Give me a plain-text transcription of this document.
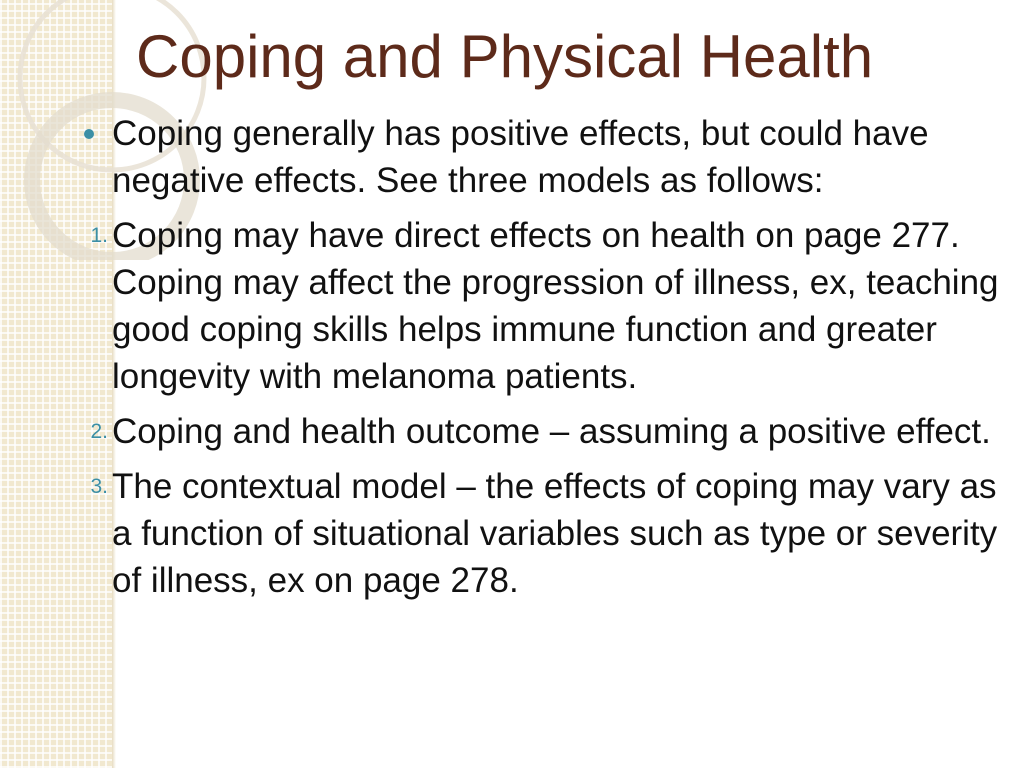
Coping and Physical Health
Coping generally has positive effects, but could have negative effects. See three models as follows:
1. Coping may have direct effects on health on page 277. Coping may affect the progression of illness, ex, teaching good coping skills helps immune function and greater longevity with melanoma patients.
2. Coping and health outcome – assuming a positive effect.
3. The contextual model – the effects of coping may vary as a function of situational variables such as type or severity of illness, ex on page 278.
